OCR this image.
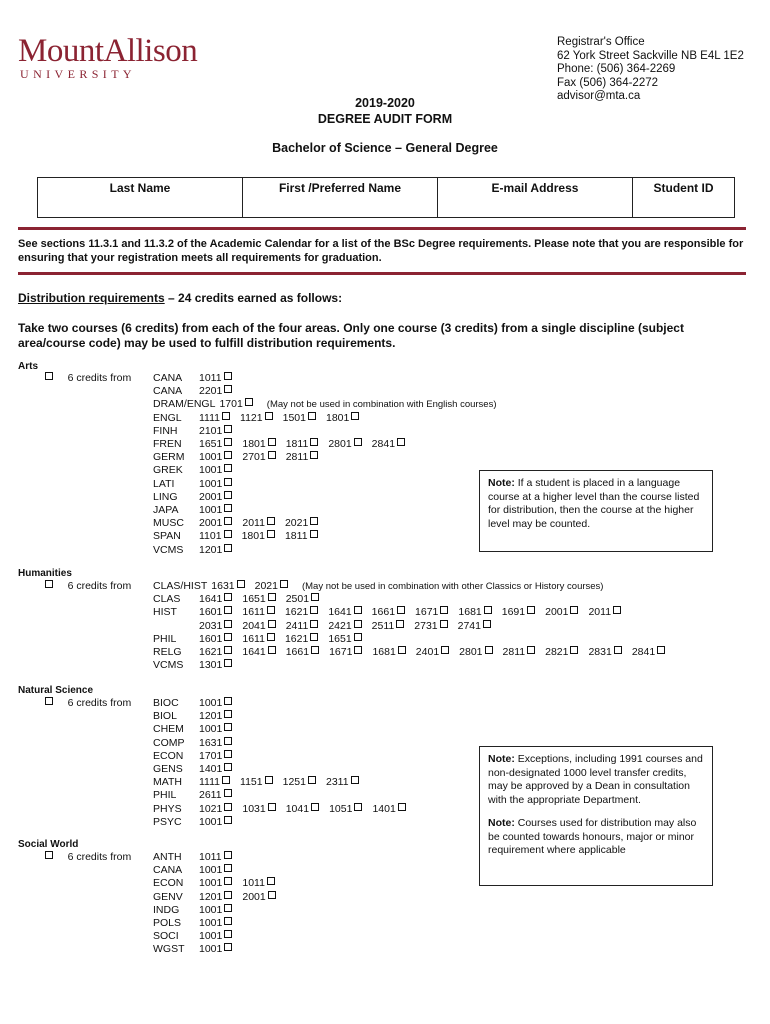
MountAllison
UNIVERSITY
Registrar's Office
62 York Street Sackville NB E4L 1E2
Phone: (506) 364-2269
Fax (506) 364-2272
advisor@mta.ca
2019-2020
DEGREE AUDIT FORM
Bachelor of Science – General Degree
Last Name	First /Preferred Name	E-mail Address	Student ID
See sections 11.3.1 and 11.3.2 of the Academic Calendar for a list of the BSc Degree requirements. Please note that you are responsible for ensuring that your registration meets all requirements for graduation.
Distribution requirements – 24 credits earned as follows:
Take two courses (6 credits) from each of the four areas. Only one course (3 credits) from a single discipline (subject area/course code) may be used to fulfill distribution requirements.
Arts
6 credits from
Humanities
6 credits from
Natural Science
6 credits from
Social World
6 credits from
CANA 1011
CANA 2201
DRAM/ENGL 1701	(May not be used in combination with English courses)
ENGL 1111 1121 1501 1801
FINH 2101
FREN 1651 1801 1811 2801 2841
GERM 1001 2701 2811
GREK 1001
LATI 1001
LING 2001
JAPA 1001
MUSC 2001 2011 2021
SPAN 1101 1801 1811
VCMS 1201
CLAS/HIST 1631 2021	(May not be used in combination with other Classics or History courses)
CLAS 1641 1651 2501
HIST 1601 1611 1621 1641 1661 1671 1681 1691 2001 2011
2031 2041 2411 2421 2511 2731 2741
PHIL 1601 1611 1621 1651
RELG 1621 1641 1661 1671 1681 2401 2801 2811 2821 2831 2841
VCMS 1301
BIOC 1001
BIOL 1201
CHEM 1001
COMP 1631
ECON 1701
GENS 1401
MATH 1111 1151 1251 2311
PHIL 2611
PHYS 1021 1031 1041 1051 1401
PSYC 1001
ANTH 1011
CANA 1001
ECON 1001 1011
GENV 1201 2001
INDG 1001
POLS 1001
SOCI 1001
WGST 1001
Note: If a student is placed in a language course at a higher level than the course listed for distribution, then the course at the higher level may be counted.
Note: Exceptions, including 1991 courses and non-designated 1000 level transfer credits, may be approved by a Dean in consultation with the appropriate Department.
Note: Courses used for distribution may also be counted towards honours, major or minor requirement where applicable
